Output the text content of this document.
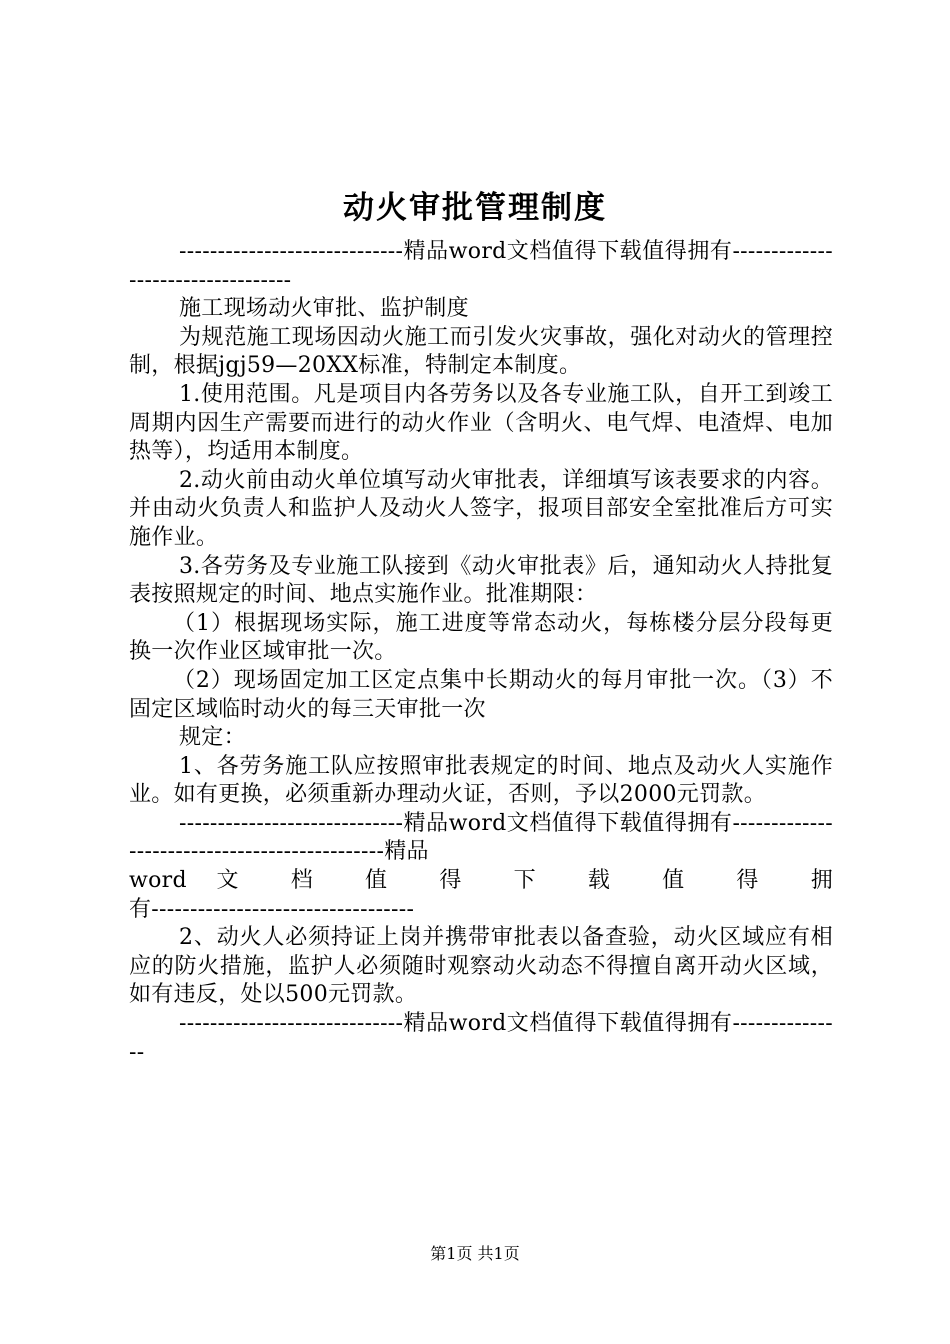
动火审批管理制度

-----------------------------精品word文档值得下载值得拥有----------------------------------

施工现场动火审批、监护制度

为规范施工现场因动火施工而引发火灾事故，强化对动火的管理控制，根据jgj59—20XX标准，特制定本制度。

1.使用范围。凡是项目内各劳务以及各专业施工队，自开工到竣工周期内因生产需要而进行的动火作业（含明火、电气焊、电渣焊、电加热等），均适用本制度。

2.动火前由动火单位填写动火审批表，详细填写该表要求的内容。并由动火负责人和监护人及动火人签字，报项目部安全室批准后方可实施作业。

3.各劳务及专业施工队接到《动火审批表》后，通知动火人持批复表按照规定的时间、地点实施作业。批准期限：

（1）根据现场实际，施工进度等常态动火，每栋楼分层分段每更换一次作业区域审批一次。

（2）现场固定加工区定点集中长期动火的每月审批一次。（3）不固定区域临时动火的每三天审批一次

规定：

1、各劳务施工队应按照审批表规定的时间、地点及动火人实施作业。如有更换，必须重新办理动火证，否则，予以2000元罚款。

-----------------------------精品word文档值得下载值得拥有----------------------------------------------精品

word 文 档 值 得 下 载 值 得 拥

有----------------------------------

2、动火人必须持证上岗并携带审批表以备查验，动火区域应有相应的防火措施，监护人必须随时观察动火动态不得擅自离开动火区域，如有违反，处以500元罚款。

-----------------------------精品word文档值得下载值得拥有---------------

第1页 共1页
